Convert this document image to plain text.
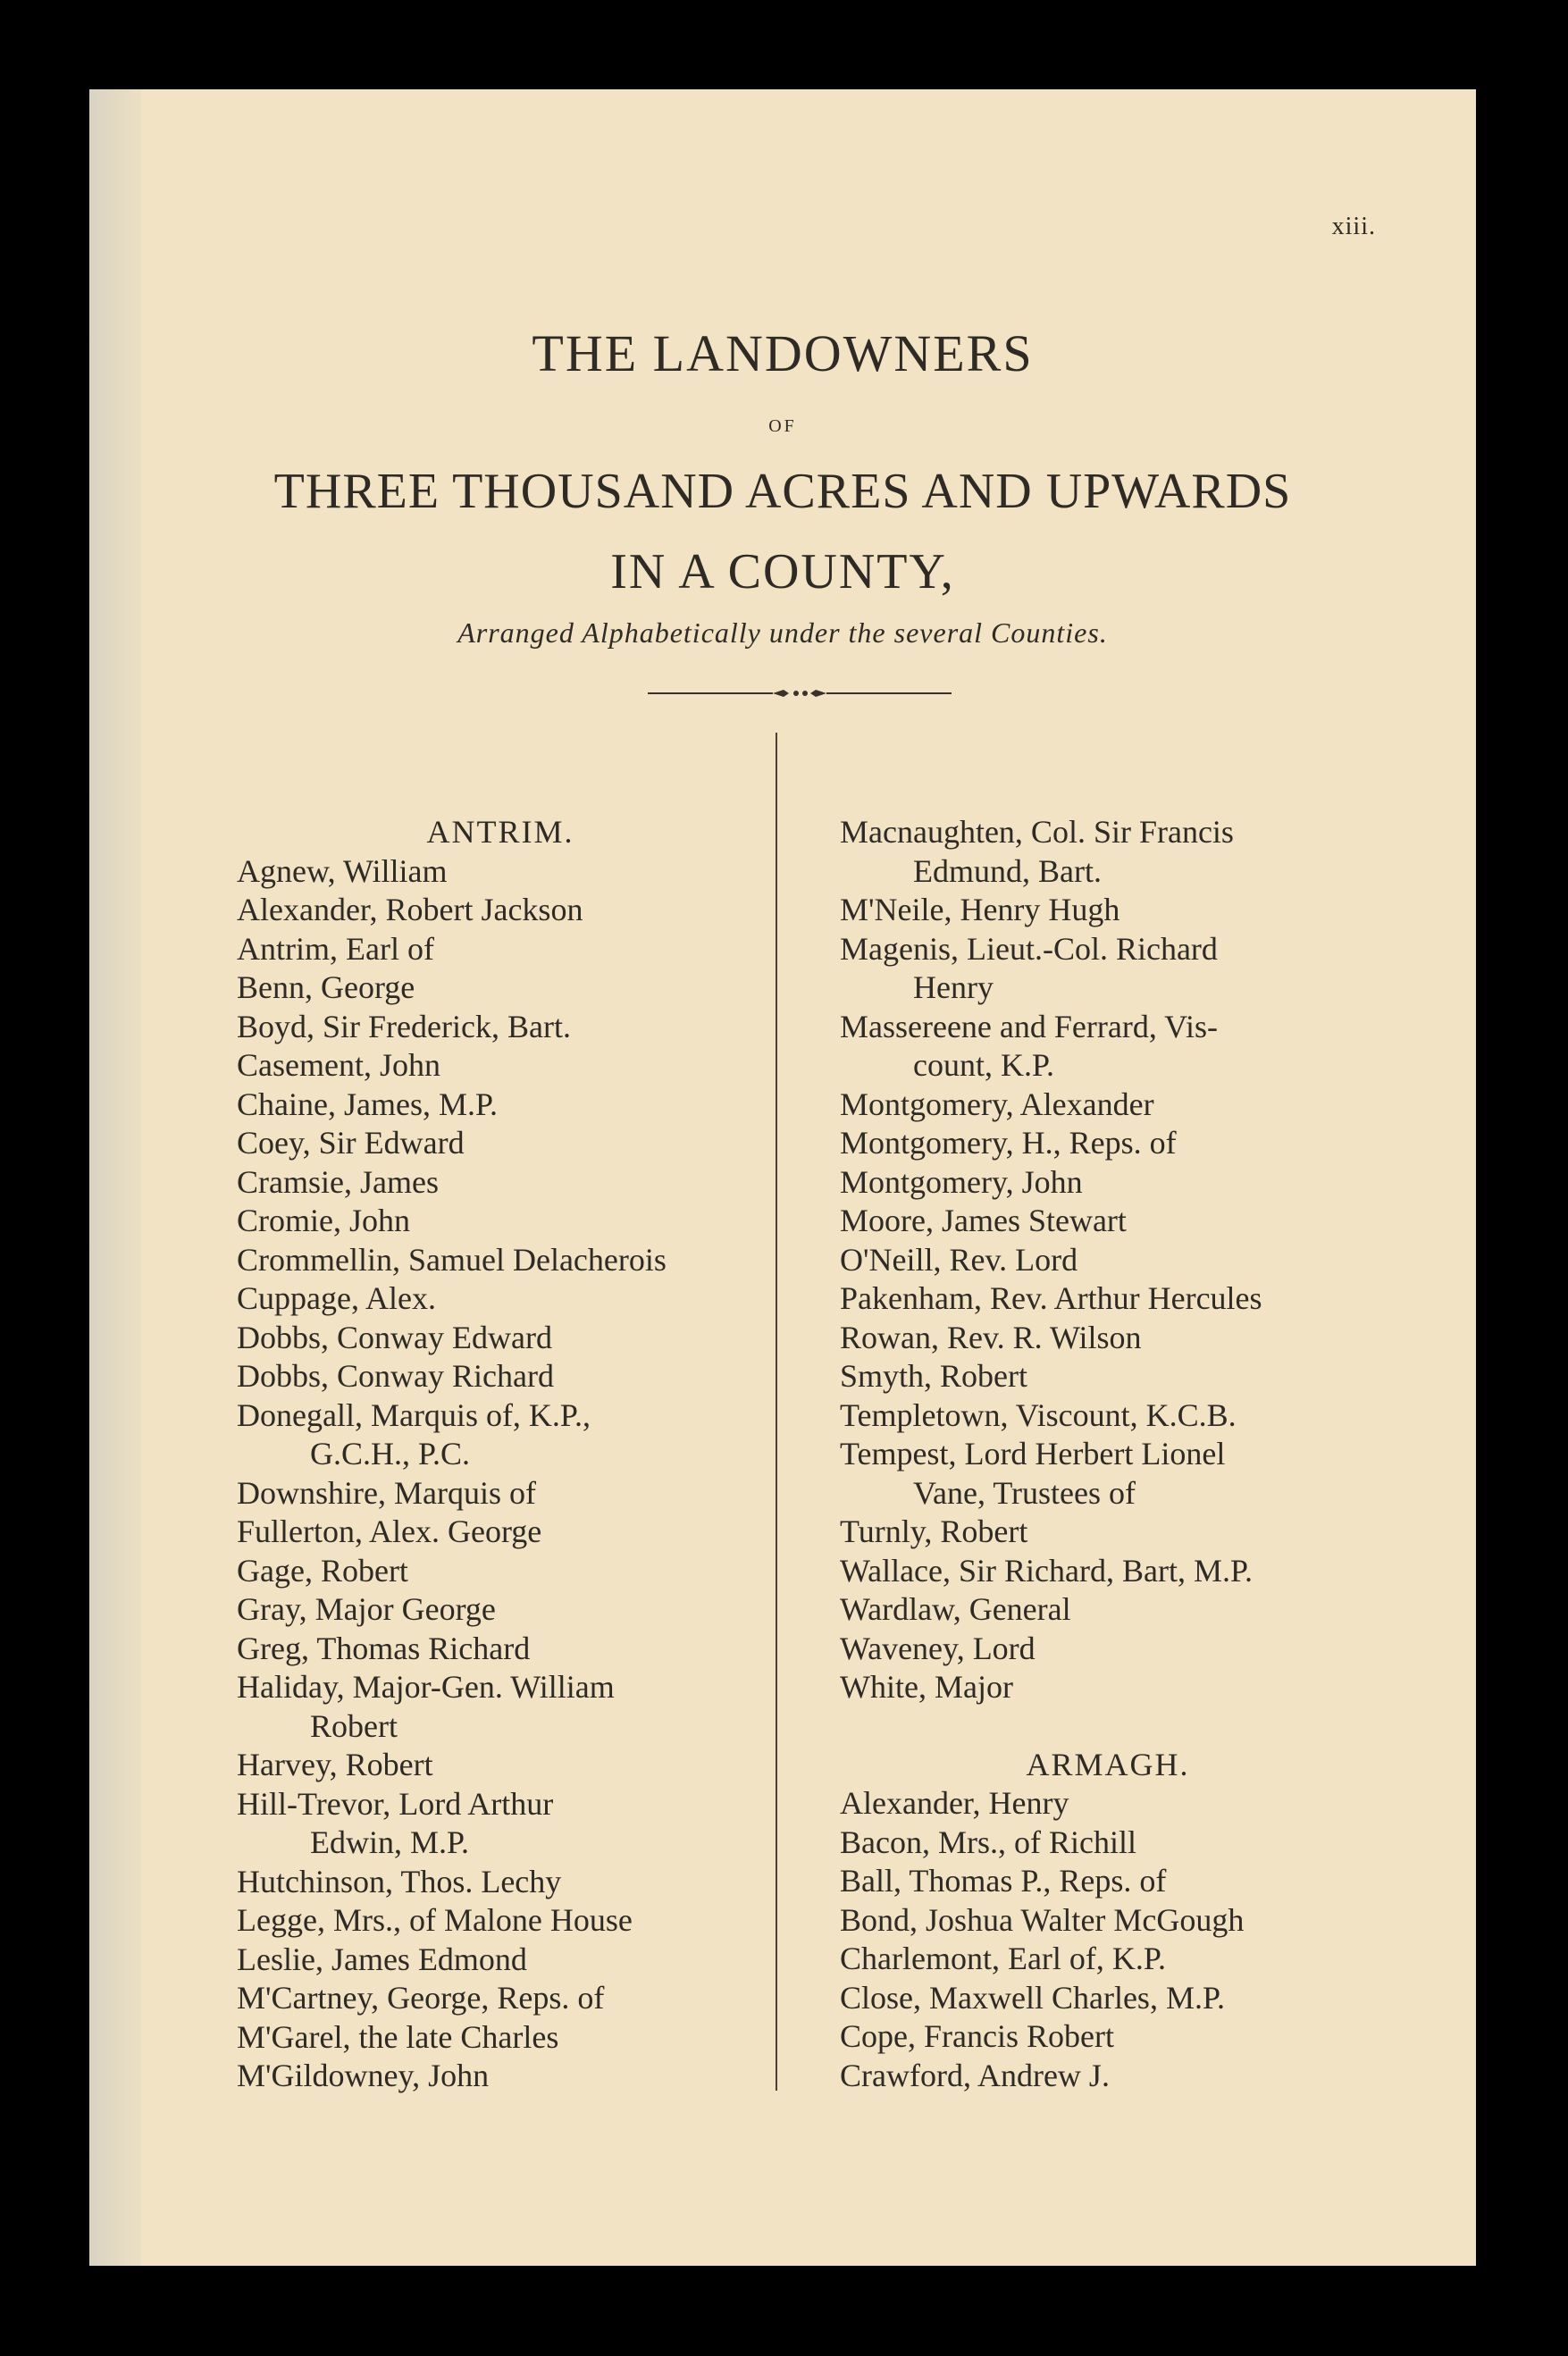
xiii.
THE LANDOWNERS
OF
THREE THOUSAND ACRES AND UPWARDS
IN A COUNTY,
Arranged Alphabetically under the several Counties.
ANTRIM.
Agnew, William
Alexander, Robert Jackson
Antrim, Earl of
Benn, George
Boyd, Sir Frederick, Bart.
Casement, John
Chaine, James, M.P.
Coey, Sir Edward
Cramsie, James
Cromie, John
Crommellin, Samuel Delacherois
Cuppage, Alex.
Dobbs, Conway Edward
Dobbs, Conway Richard
Donegall, Marquis of, K.P.,
G.C.H., P.C.
Downshire, Marquis of
Fullerton, Alex. George
Gage, Robert
Gray, Major George
Greg, Thomas Richard
Haliday, Major-Gen. William
Robert
Harvey, Robert
Hill-Trevor, Lord Arthur
Edwin, M.P.
Hutchinson, Thos. Lechy
Legge, Mrs., of Malone House
Leslie, James Edmond
M'Cartney, George, Reps. of
M'Garel, the late Charles
M'Gildowney, John
Macnaughten, Col. Sir Francis
Edmund, Bart.
M'Neile, Henry Hugh
Magenis, Lieut.-Col. Richard
Henry
Massereene and Ferrard, Vis-
count, K.P.
Montgomery, Alexander
Montgomery, H., Reps. of
Montgomery, John
Moore, James Stewart
O'Neill, Rev. Lord
Pakenham, Rev. Arthur Hercules
Rowan, Rev. R. Wilson
Smyth, Robert
Templetown, Viscount, K.C.B.
Tempest, Lord Herbert Lionel
Vane, Trustees of
Turnly, Robert
Wallace, Sir Richard, Bart, M.P.
Wardlaw, General
Waveney, Lord
White, Major
ARMAGH.
Alexander, Henry
Bacon, Mrs., of Richill
Ball, Thomas P., Reps. of
Bond, Joshua Walter McGough
Charlemont, Earl of, K.P.
Close, Maxwell Charles, M.P.
Cope, Francis Robert
Crawford, Andrew J.
